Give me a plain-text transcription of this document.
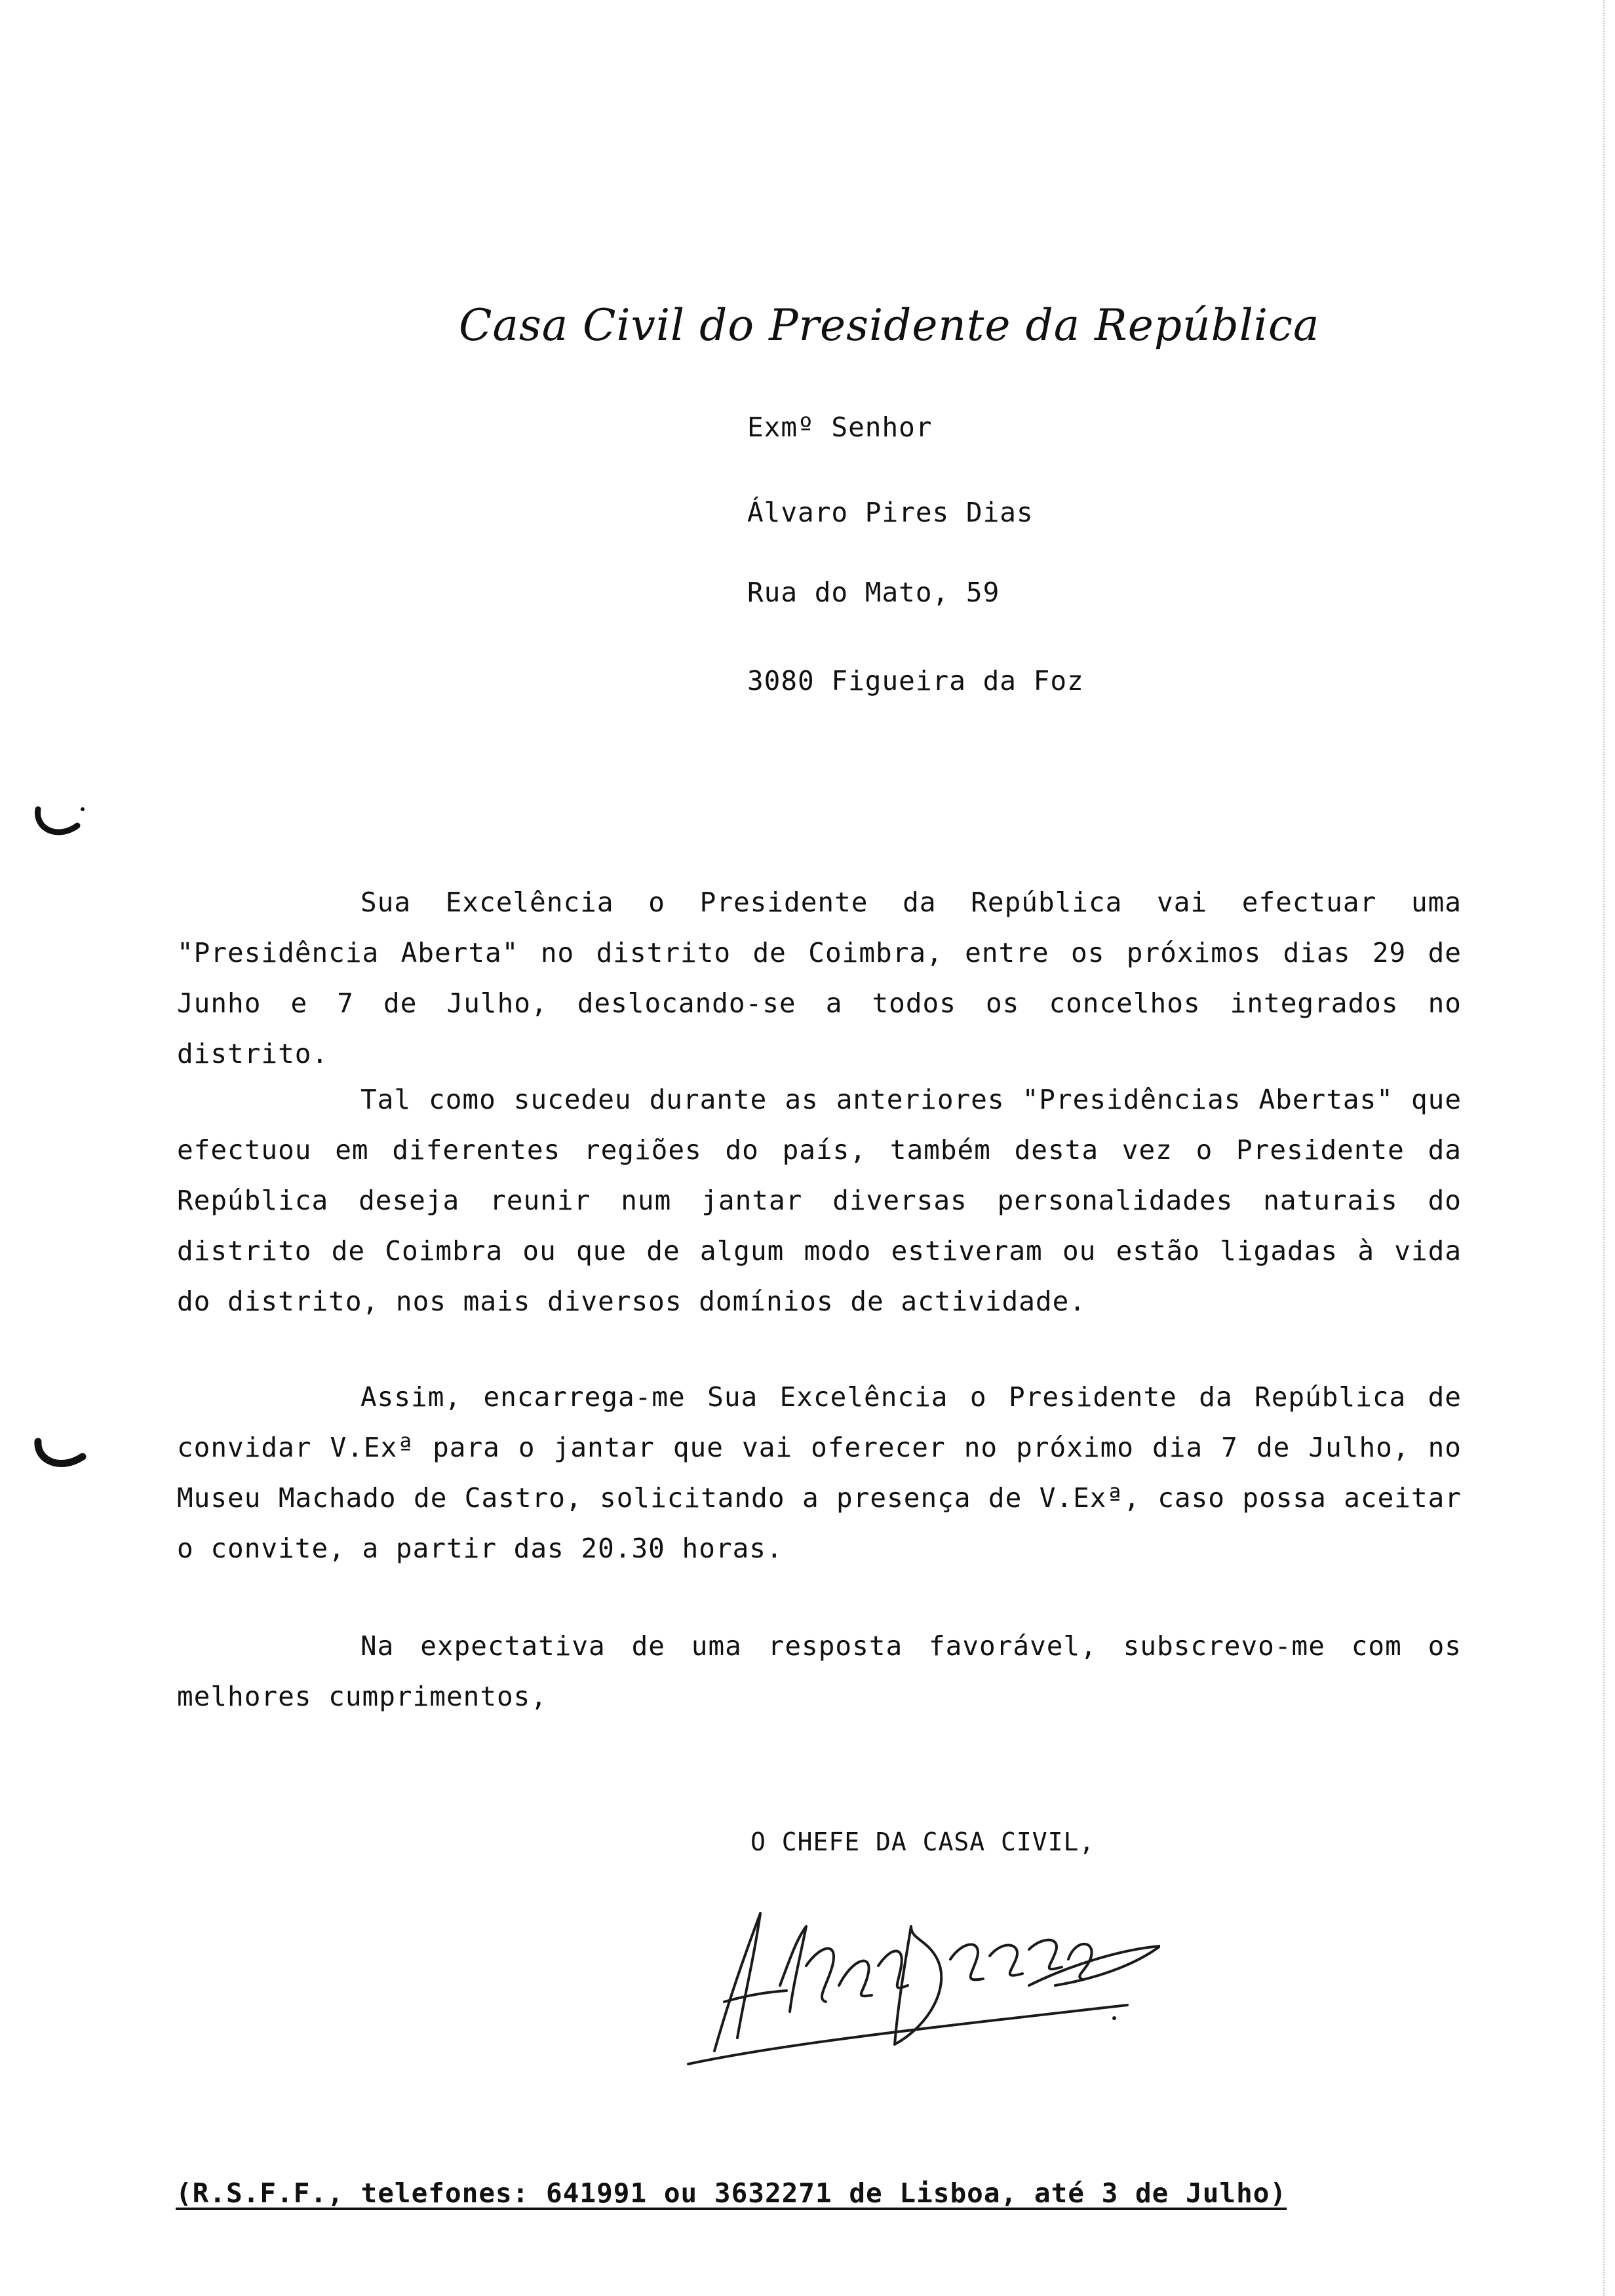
Casa Civil do Presidente da República
Exmº Senhor
Álvaro Pires Dias
Rua do Mato, 59
3080 Figueira da Foz

Sua Excelência o Presidente da República vai efectuar uma "Presidência Aberta" no distrito de Coimbra, entre os próximos dias 29 de Junho e 7 de Julho, deslocando-se a todos os concelhos integrados no distrito.

Tal como sucedeu durante as anteriores "Presidências Abertas" que efectuou em diferentes regiões do país, também desta vez o Presidente da República deseja reunir num jantar diversas personalidades naturais do distrito de Coimbra ou que de algum modo estiveram ou estão ligadas à vida do distrito, nos mais diversos domínios de actividade.

Assim, encarrega-me Sua Excelência o Presidente da República de convidar V.Exª para o jantar que vai oferecer no próximo dia 7 de Julho, no Museu Machado de Castro, solicitando a presença de V.Exª, caso possa aceitar o convite, a partir das 20.30 horas.

Na expectativa de uma resposta favorável, subscrevo-me com os melhores cumprimentos,

O CHEFE DA CASA CIVIL,
(R.S.F.F., telefones: 641991 ou 3632271 de Lisboa, até 3 de Julho)
